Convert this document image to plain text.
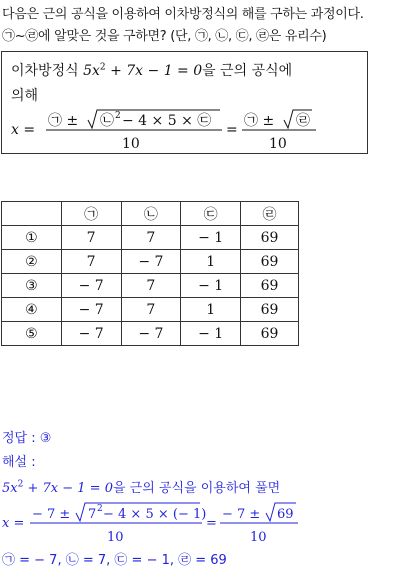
다음은 근의 공식을 이용하여 이차방정식의 해를 구하는 과정이다.
㉠~㉣에 알맞은 것을 구하면? (단, ㉠, ㉡, ㉢, ㉣은 유리수)
이차방정식 $5x^2 + 7x - 1 = 0$을 근의 공식에
의해
x =
㉠ ± ㉡ 2 − 4 × 5 × ㉢
10
=
㉠ ± ㉣
10
	㉠	㉡	㉢	㉣
①	7	7	− 1	69
②	7	− 7	1	69
③	− 7	7	− 1	69
④	− 7	7	1	69
⑤	− 7	− 7	− 1	69
정답 : ③
해설 :
$5x^2 + 7x - 1 = 0$을 근의 공식을 이용하여 풀면
x =
− 7 ± 7 2 − 4 × 5 × (− 1)
10
=
− 7 ± 69
10
㉠ = − 7, ㉡ = 7, ㉢ = − 1, ㉣ = 69
